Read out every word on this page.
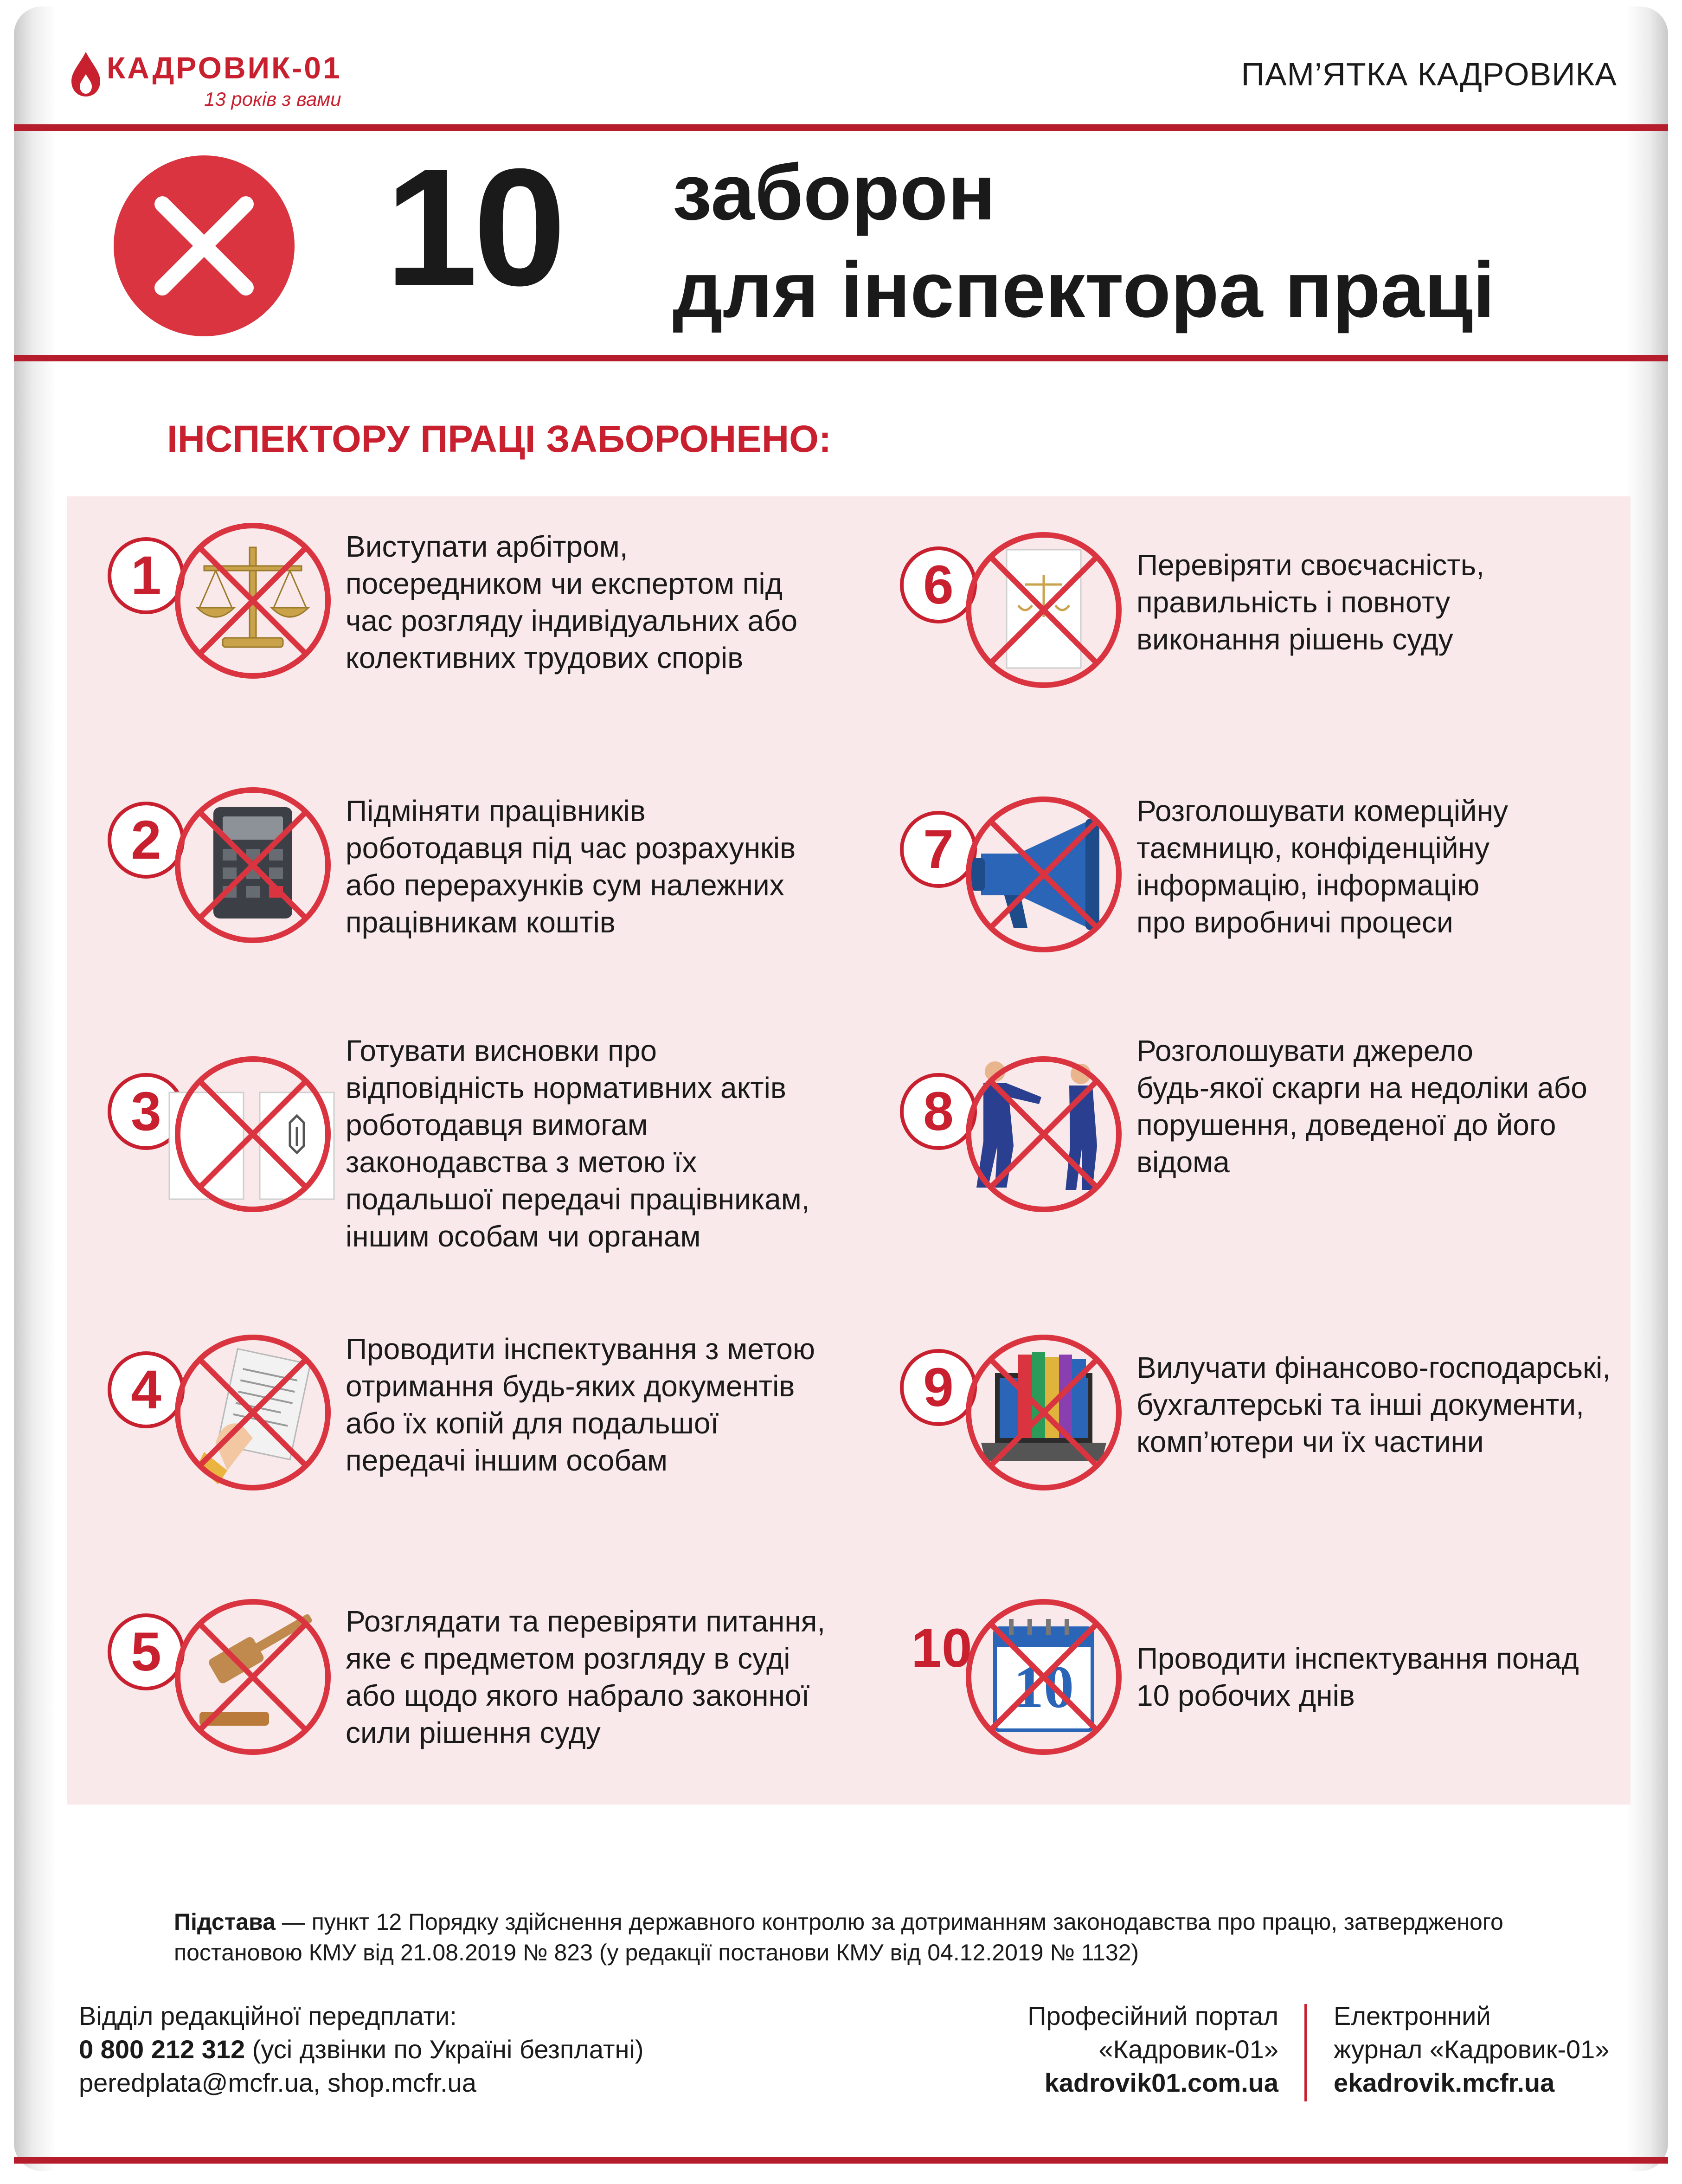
КАДРОВИК-01
13 років з вами
ПАМ’ЯТКА КАДРОВИКА
10 заборон
для інспектора праці
ІНСПЕКТОРУ ПРАЦІ ЗАБОРОНЕНО:
1	Виступати арбітром,
посередником чи експертом під
час розгляду індивідуальних або
колективних трудових спорів
2	Підміняти працівників
роботодавця під час розрахунків
або перерахунків сум належних
працівникам коштів
3
Готувати висновки про
відповідність нормативних актів
роботодавця вимогам
законодавства з метою їх
подальшої передачі працівникам,
іншим особам чи органам
4
Проводити інспектування з метою
отримання будь-яких документів
або їх копій для подальшої
передачі іншим особам
5	Розглядати та перевіряти питання,
яке є предметом розгляду в суді
або щодо якого набрало законної
сили рішення суду
6	Перевіряти своєчасність,
правильність і повноту
виконання рішень суду
7
Розголошувати комерційну
таємницю, конфіденційну
інформацію, інформацію
про виробничі процеси
8
Розголошувати джерело
будь-якої скарги на недоліки або
порушення, доведеної до його
відома
9	Вилучати фінансово-господарські,
бухгалтерські та інші документи,
комп’ютери чи їх частини
10
10 Проводити інспектування понад
10 робочих днів
Підстава — пункт 12 Порядку здійснення державного контролю за дотриманням законодавства про працю, затвердженого постановою КМУ від 21.08.2019 № 823 (у редакції постанови КМУ від 04.12.2019 № 1132)
Відділ редакційної передплати:
0 800 212 312 (усі дзвінки по Україні безплатні)
peredplata@mcfr.ua, shop.mcfr.ua
Професійний портал
«Кадровик-01»
kadrovik01.com.ua
Електронний
журнал «Кадровик-01»
ekadrovik.mcfr.ua
